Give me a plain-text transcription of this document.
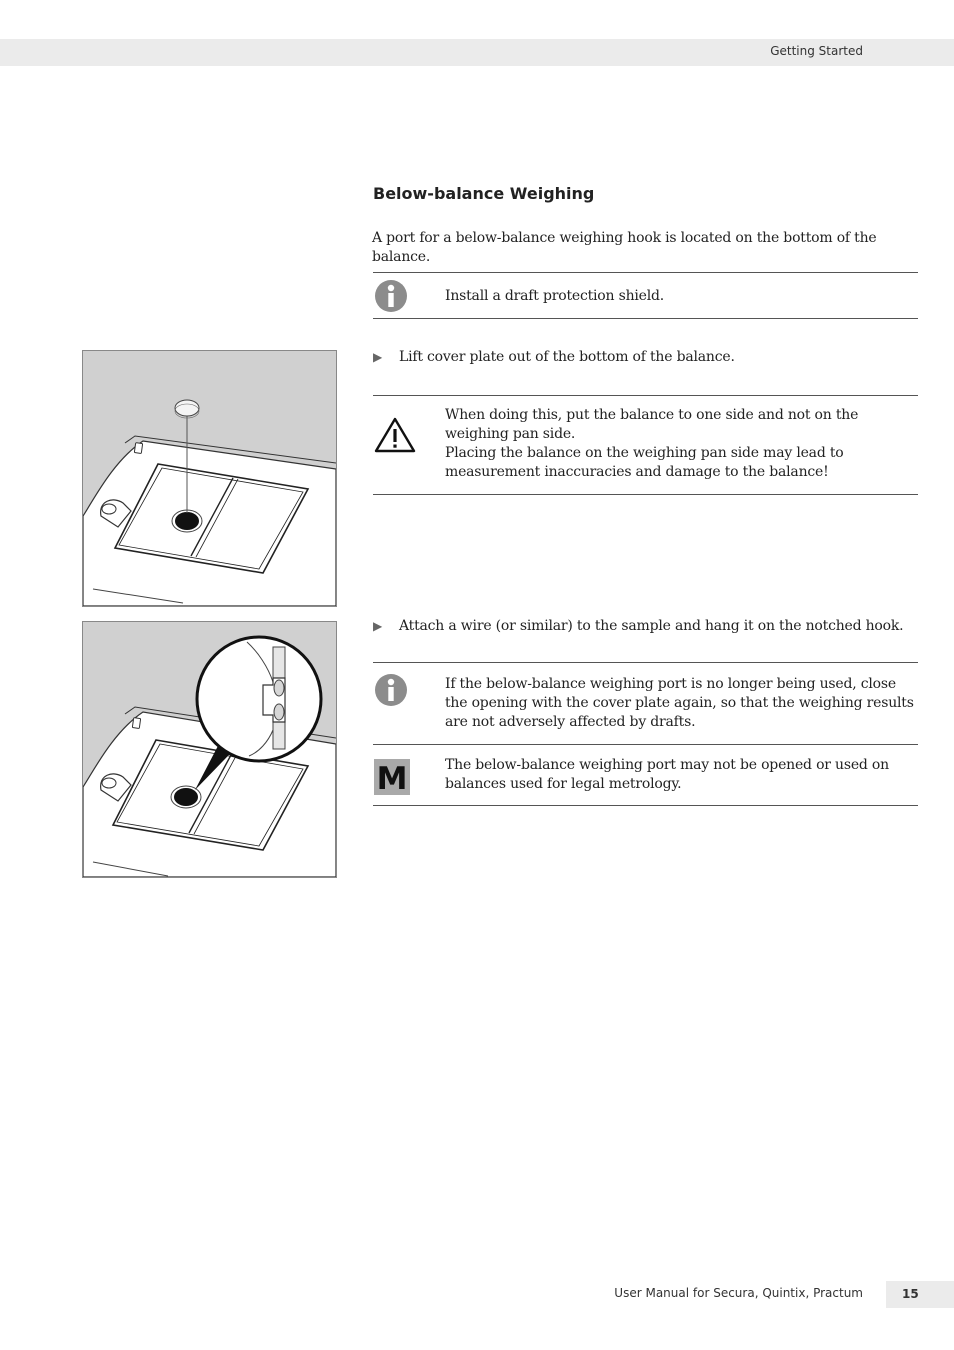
Getting Started
Below-balance Weighing

A port for a below-balance weighing hook is located on the bottom of the balance.

Install a draft protection shield.

▶ Lift cover plate out of the bottom of the balance.

When doing this, put the balance to one side and not on the weighing pan side.
Placing the balance on the weighing pan side may lead to measurement inaccuracies and damage to the balance!

▶ Attach a wire (or similar) to the sample and hang it on the notched hook.

If the below-balance weighing port is no longer being used, close the opening with the cover plate again, so that the weighing results are not adversely affected by drafts.

M	The below-balance weighing port may not be opened or used on balances used for legal metrology.

User Manual for Secura, Quintix, Practum	15
